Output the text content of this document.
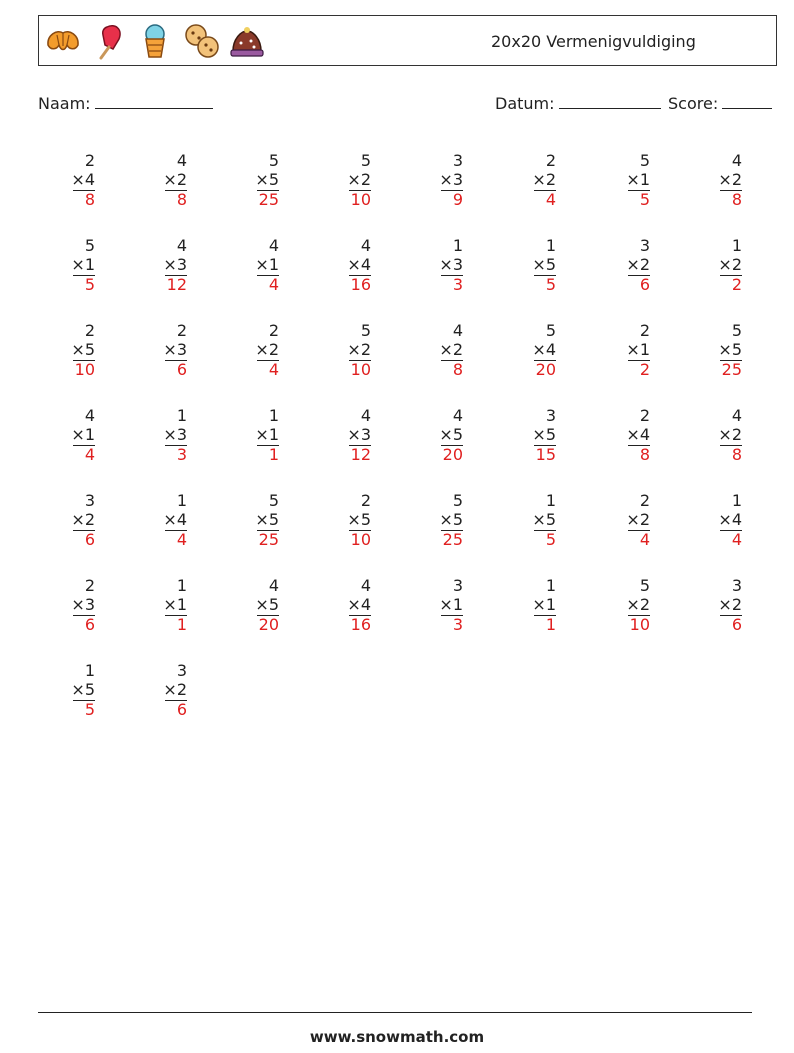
20x20 Vermenigvuldiging
Naam:	Datum:	Score:
2
×4
8
4
×2
8
5
×5
25
5
×2
10
3
×3
9
2
×2
4
5
×1
5
4
×2
8
5
×1
5
4
×3
12
4
×1
4
4
×4
16
1
×3
3
1
×5
5
3
×2
6
1
×2
2
2
×5
10
2
×3
6
2
×2
4
5
×2
10
4
×2
8
5
×4
20
2
×1
2
5
×5
25
4
×1
4
1
×3
3
1
×1
1
4
×3
12
4
×5
20
3
×5
15
2
×4
8
4
×2
8
3
×2
6
1
×4
4
5
×5
25
2
×5
10
5
×5
25
1
×5
5
2
×2
4
1
×4
4
2
×3
6
1
×1
1
4
×5
20
4
×4
16
3
×1
3
1
×1
1
5
×2
10
3
×2
6
1
×5
5
3
×2
6
www.snowmath.com
